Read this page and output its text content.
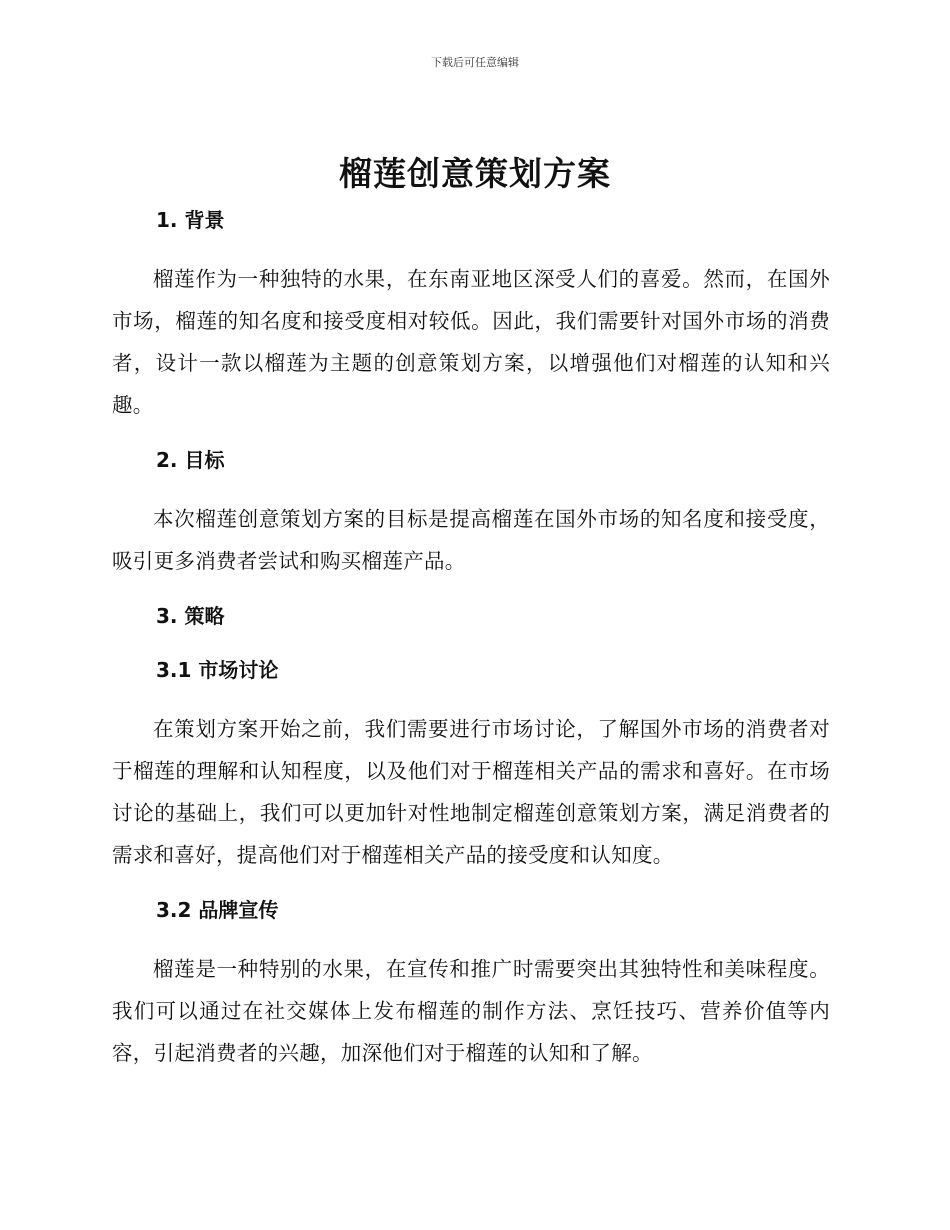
下载后可任意编辑
榴莲创意策划方案
1. 背景

榴莲作为一种独特的水果，在东南亚地区深受人们的喜爱。然而，在国外市场，榴莲的知名度和接受度相对较低。因此，我们需要针对国外市场的消费者，设计一款以榴莲为主题的创意策划方案，以增强他们对榴莲的认知和兴趣。

2. 目标

本次榴莲创意策划方案的目标是提高榴莲在国外市场的知名度和接受度，吸引更多消费者尝试和购买榴莲产品。

3. 策略
3.1 市场讨论

在策划方案开始之前，我们需要进行市场讨论，了解国外市场的消费者对于榴莲的理解和认知程度，以及他们对于榴莲相关产品的需求和喜好。在市场讨论的基础上，我们可以更加针对性地制定榴莲创意策划方案，满足消费者的需求和喜好，提高他们对于榴莲相关产品的接受度和认知度。

3.2 品牌宣传

榴莲是一种特别的水果，在宣传和推广时需要突出其独特性和美味程度。我们可以通过在社交媒体上发布榴莲的制作方法、烹饪技巧、营养价值等内容，引起消费者的兴趣，加深他们对于榴莲的认知和了解。
